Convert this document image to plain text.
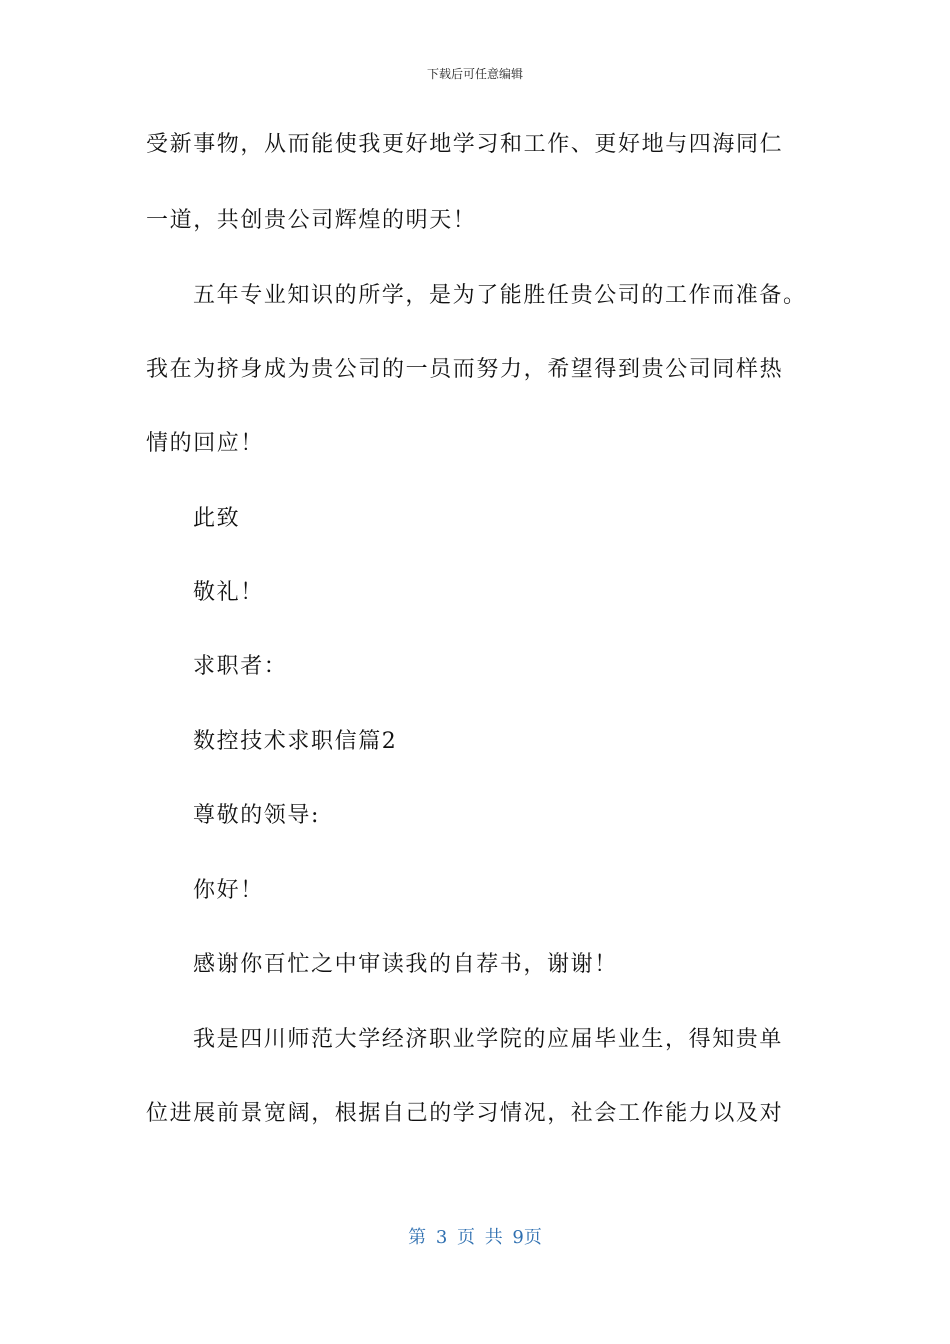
下载后可任意编辑
受新事物，从而能使我更好地学习和工作、更好地与四海同仁
一道，共创贵公司辉煌的明天！
五年专业知识的所学，是为了能胜任贵公司的工作而准备。
我在为挤身成为贵公司的一员而努力，希望得到贵公司同样热
情的回应！
此致
敬礼！
求职者：
数控技术求职信篇2
尊敬的领导:
你好！
感谢你百忙之中审读我的自荐书，谢谢！
我是四川师范大学经济职业学院的应届毕业生，得知贵单
位进展前景宽阔，根据自己的学习情况，社会工作能力以及对
第 3 页 共 9页
